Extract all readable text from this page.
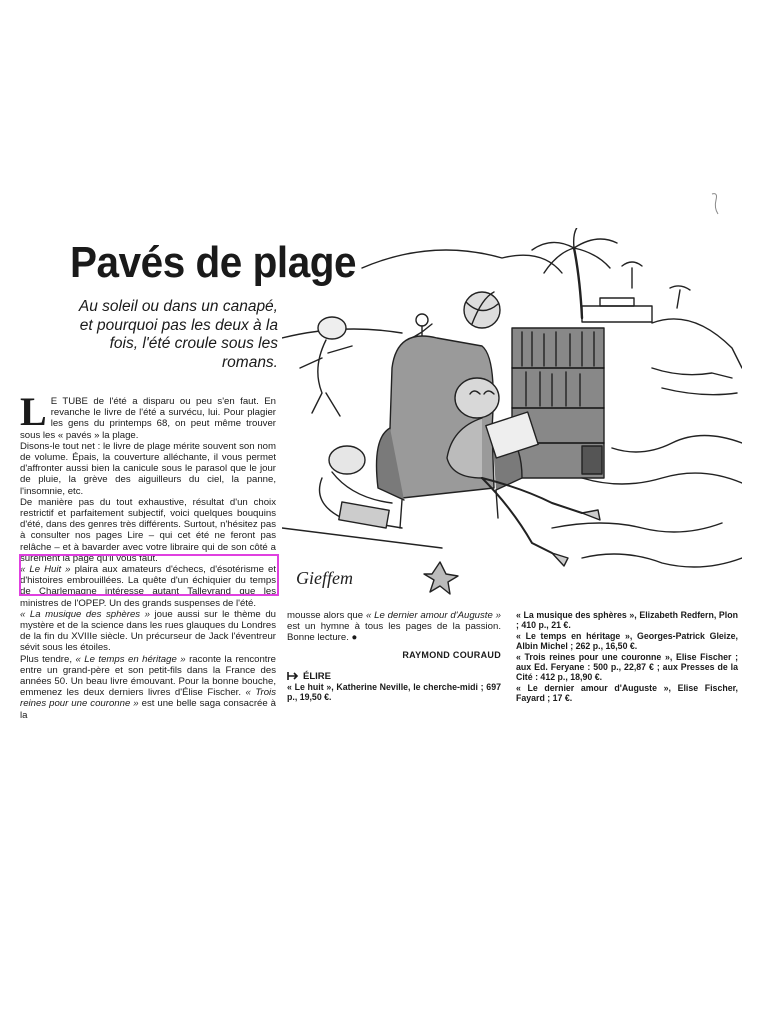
Pavés de plage
Au soleil ou dans un canapé, et pourquoi pas les deux à la fois, l'été croule sous les romans.

L E TUBE de l'été a disparu ou peu s'en faut. En revanche le livre de l'été a survécu, lui. Pour plagier les gens du printemps 68, on peut même trouver sous les « pavés » la plage.

Disons-le tout net : le livre de plage mérite souvent son nom de volume. Épais, la couverture alléchante, il vous permet d'affronter aussi bien la canicule sous le parasol que le jour de pluie, la grève des aiguilleurs du ciel, la panne, l'insomnie, etc.

De manière pas du tout exhaustive, résultat d'un choix restrictif et parfaitement subjectif, voici quelques bouquins d'été, dans des genres très différents. Surtout, n'hésitez pas à consulter nos pages Lire – qui cet été ne feront pas relâche – et à bavarder avec votre libraire qui de son côté a sûrement la page qu'il vous faut.

« Le Huit » plaira aux amateurs d'échecs, d'ésotérisme et d'histoires embrouillées. La quête d'un échiquier du temps de Charlemagne intéresse autant Talleyrand que les ministres de l'OPEP. Un des grands suspenses de l'été.

« La musique des sphères » joue aussi sur le thème du mystère et de la science dans les rues glauques du Londres de la fin du XVIIIe siècle. Un précurseur de Jack l'éventreur sévit sous les étoiles.

Plus tendre, « Le temps en héritage » raconte la rencontre entre un grand-père et son petit-fils dans la France des années 50. Un beau livre émouvant. Pour la bonne bouche, emmenez les deux derniers livres d'Élise Fischer. « Trois reines pour une couronne » est une belle saga consacrée à la

mousse alors que « Le dernier amour d'Auguste » est un hymne à tous les pages de la passion. Bonne lecture. ●

RAYMOND COURAUD

ÉLIRE

« Le huit », Katherine Neville, le cherche-midi ; 697 p., 19,50 €.

« La musique des sphères », Elizabeth Redfern, Plon ; 410 p., 21 €.

« Le temps en héritage », Georges-Patrick Gleize, Albin Michel ; 262 p., 16,50 €.

« Trois reines pour une couronne », Elise Fischer ; aux Ed. Feryane : 500 p., 22,87 € ; aux Presses de la Cité : 412 p., 18,90 €.

« Le dernier amour d'Auguste », Elise Fischer, Fayard ; 17 €.

Gieffem
